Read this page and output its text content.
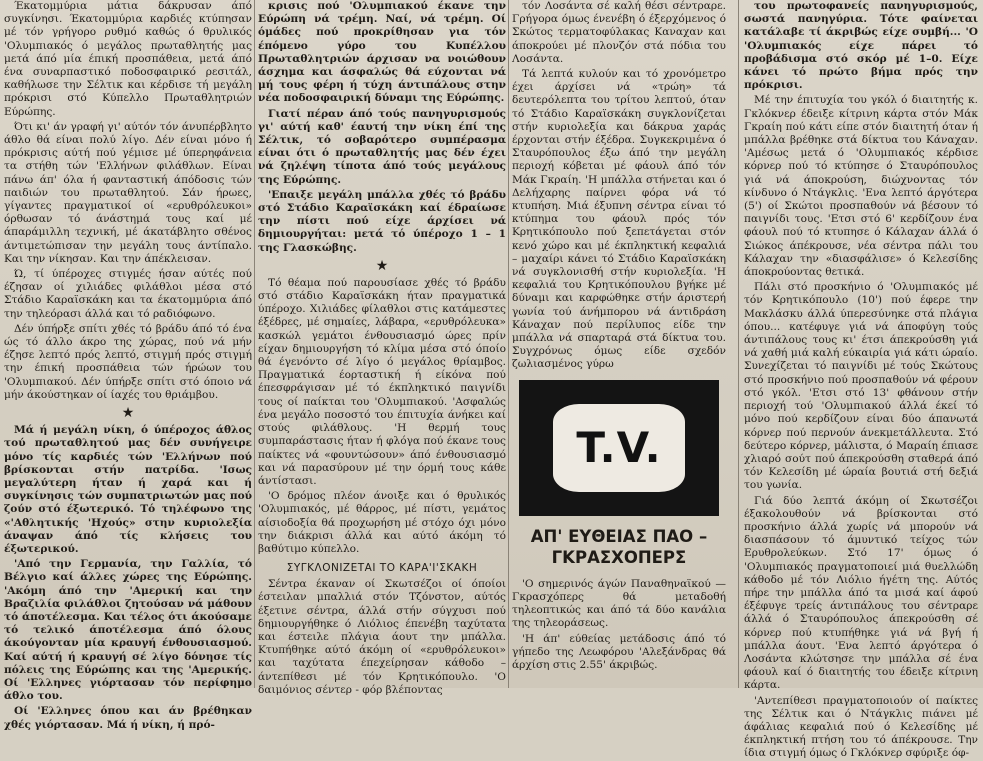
Έκατομμύρια μάτια δάκρυσαν άπό συγκίνησι. Έκατομμύρια καρδιές κτύπησαν μέ τόν γρήγορο ρυθμό καθώς ό θρυλικός 'Ολυμπιακός ό μεγάλος πρωταθλητής μας μετά άπό μία έπική προσπάθεια, μετά άπό ένα συναρπαστικό ποδοσφαιρικό ρεσιτάλ, καθήλωσε την Σέλτικ και κέρδισε τή μεγάλη πρόκρισι στό Κύπελλο Πρωταθλητριών Εύρώπης.

Ότι κι' άν γραφή γι' αύτόν τόν άνυπέρβλητο άθλο θά είναι πολύ λίγο. Δέν είναι μόνο ή πρόκρισις αύτή πού γέμισε μέ ύπερηφάνεια τα στήθη τών 'Ελλήνων φιλάθλων. Είναι πάνω άπ' όλα ή φανταστική άπόδοσις τών παιδιών του πρωταθλητού. Σάν ήρωες, γίγαντες πραγματικοί οί «ερυθρόλευκοι» όρθωσαν τό άνάστημά τους καί μέ άπαράμιλλη τεχνική, μέ άκατάβλητο σθένος άντιμετώπισαν την μεγάλη τους άντίπαλο. Και την νίκησαν. Και την άπέκλεισαν.

Ώ, τί ύπέροχες στιγμές ήσαν αύτές πού έζησαν οί χιλιάδες φιλάθλοι μέσα στό Στάδιο Καραϊσκάκη και τα έκατομμύρια άπό την τηλεόρασι άλλά και τό ραδιόφωνο.

Δέν ύπήρξε σπίτι χθές τό βράδυ άπό τό ένα ώς τό άλλο άκρο της χώρας, πού νά μήν έζησε λεπτό πρός λεπτό, στιγμή πρός στιγμή την έπική προσπάθεια τών ήρώων του 'Ολυμπιακού. Δέν ύπήρξε σπίτι στό όποιο νά μήν άκούστηκαν οί ίαχές του θριάμβου.

★

Μά ή μεγάλη νίκη, ό ύπέροχος άθλος τού πρωταθλητού μας δέν συνήγειρε μόνο τίς καρδιές τών 'Ελλήνων πού βρίσκονται στήν πατρίδα. 'Ισως μεγαλύτερη ήταν ή χαρά και ή συγκίνησις τών συμπατριωτών μας πού ζούν στό έξωτερικό. Τό τηλέφωνο της «'Αθλητικής 'Ηχούς» στην κυριολεξία άναψαν άπό τίς κλήσεις του έξωτερικού.

'Από την Γερμανία, την Γαλλία, τό Βέλγιο καί άλλες χώρες της Εύρώπης. 'Ακόμη άπό την 'Αμερική και την Βραζιλία φιλάθλοι ζητούσαν νά μάθουν τό άποτέλεσμα. Και τέλος ότι άκούσαμε τό τελικό άποτέλεσμα άπό όλους άκούγονταν μία κραυγή ένθουσιασμού. Καί αύτή ή κραυγή σέ λίγο δόνησε τίς πόλεις της Εύρώπης και της 'Αμερικής. Οί 'Ελληνες γιόρτασαν τόν περίφημο άθλο του.

Οί 'Ελληνες όπου και άν βρέθηκαν χθές γιόρτασαν. Μά ή νίκη, ή πρό-

κρισις πού 'Ολυμπιακού έκανε την Εύρώπη νά τρέμη. Ναί, νά τρέμη. Οί όμάδες πού προκρίθησαν για τόν έπόμενο γύρο του Κυπέλλου Πρωταθλητριών άρχισαν να νοιώθουν άσχημα και άσφαλώς θά εύχονται νά μή τους φέρη ή τύχη άντιπάλους στην νέα ποδοσφαιρική δύναμι της Εύρώπης.

Γιατί πέραν άπό τούς πανηγυρισμούς γι' αύτή καθ' έαυτή την νίκη έπί της Σέλτικ, τό σοβαρότερο συμπέρασμα είναι ότι ό πρωταθλητής μας δέν έχει νά ζηλέψη τίποτα άπό τούς μεγάλους της Εύρώπης.

'Επαιξε μεγάλη μπάλλα χθές τό βράδυ στό Στάδιο Καραϊσκάκη καί έδραίωσε την πίστι πού είχε άρχίσει νά δημιουργήται: μετά τό ύπέροχο 1 – 1 της Γλασκώβης.

★

Τό θέαμα πού παρουσίασε χθές τό βράδυ στό στάδιο Καραϊσκάκη ήταν πραγματικά ύπέροχο. Χιλιάδες φίλαθλοι στις κατάμεστες έξέδρες, μέ σημαίες, λάβαρα, «ερυθρόλευκα» κασκώλ γεμάτοι ένθουσιασμό ώρες πρίν είχαν δημιουργήση τό κλίμα μέσα στό όποίο θά έγενόντο σέ λίγο ό μεγάλος θρίαμβος. Πραγματικά έορταστική ή είκόνα πού έπεσφράγισαν μέ τό έκπληκτικό παιγνίδι τους οί παίκται του 'Ολυμπιακού. 'Ασφαλώς ένα μεγάλο ποσοστό του έπιτυχία άνήκει καί στούς φιλάθλους. 'Η θερμή τους συμπαράστασις ήταν ή φλόγα πού έκανε τους παίκτες νά «φουντώσουν» άπό ένθουσιασμό και νά παρασύρουν μέ την όρμή τους κάθε άντίστασι.

'Ο δρόμος πλέον άνοιξε και ό θρυλικός 'Ολυμπιακός, μέ θάρρος, μέ πίστι, γεμάτος αίσιοδοξία θά προχωρήση μέ στόχο όχι μόνο την διάκρισι άλλά και αύτό άκόμη τό βαθύτιμο κύπελλο.

ΣΥΓΚΛΟΝΙΖΕΤΑΙ ΤΟ ΚΑΡΑ'Ι'ΣΚΑΚΗ

Σέντρα έκαναν οί Σκωτσέζοι οί όποίοι έστειλαν μπαλλιά στόν Τζόνστον, αύτός έξετινε σέντρα, άλλά στήν σύγχυσι πού δημιουργήθηκε ό Λιόλιος έπενέβη ταχύτατα και έστειλε πλάγια άουτ την μπάλλα. Κτυπήθηκε αύτό άκόμη οί «ερυθρόλευκοι» και ταχύτατα έπεχείρησαν κάθοδο – άντεπίθεσι μέ τόν Κρητικόπουλο. 'Ο δαιμόνιος σέντερ - φόρ βλέποντας

τόν Λοσάντα σέ καλή θέσι σέντραρε. Γρήγορα όμως ένενέβη ό έξερχόμενος ό Σκώτος τερματοφύλακας Καναχαν και άποκρούει μέ πλονζόν στά πόδια του Λοσάντα.

Τά λεπτά κυλούν και τό χρονόμετρο έχει άρχίσει νά «τρώη» τά δευτερόλεπτα του τρίτου λεπτού, όταν τό Στάδιο Καραϊσκάκη συγκλονίζεται στήν κυριολεξία και δάκρυα χαράς έρχονται στήν έξέδρα. Συγκεκριμένα ό Σταυρόπουλος έξω άπό την μεγάλη περιοχή κόβεται μέ φάουλ άπό τόν Μάκ Γκραίη. 'Η μπάλλα στήνεται και ό Δελήχαρης παίρνει φόρα νά τό κτυπήση. Μιά έξυπνη σέντρα είναι τό κτύπημα του φάουλ πρός τόν Κρητικόπουλο πού ξεπετάγεται στόν κενό χώρο και μέ έκπληκτική κεφαλιά – μαχαίρι κάνει τό Στάδιο Καραϊσκάκη νά συγκλονισθή στήν κυριολεξία. 'Η κεφαλιά του Κρητικόπουλου βγήκε μέ δύναμι και καρφώθηκε στήν άριστερή γωνία τού άνήμπορου νά άντιδράση Κάναχαν πού περίλυπος είδε την μπάλλα νά σπαρταρά στά δίκτυα του. Συγχρόνως όμως είδε σχεδόν ζωλιασμένος γύρω

T.V.
ΑΠ' ΕΥΘΕΙΑΣ ΠΑΟ – ΓΚΡΑΣΧΟΠΕΡΣ

'Ο σημερινός άγών Παναθηναϊκού — Γκρασχόπερς θά μεταδοθή τηλεοπτικώς και άπό τά δύο κανάλια της τηλεοράσεως.

'Η άπ' εύθείας μετάδοσις άπό τό γήπεδο της Λεωφόρου 'Αλεξάνδρας θά άρχίση στις 2.55' άκριβώς.

του πρωτοφανείς πανηγυρισμούς, σωστά πανηγύρια. Τότε φαίνεται κατάλαβε τί άκριβώς είχε συμβή... 'Ο 'Ολυμπιακός είχε πάρει τό προβάδισμα στό σκόρ μέ 1–0. Είχε κάνει τό πρώτο βήμα πρός την πρόκρισι.

Μέ την έπιτυχία του γκόλ ό διαιτητής κ. Γκλόκνερ έδειξε κίτρινη κάρτα στόν Μάκ Γκραίη πού κάτι είπε στόν διαιτητή όταν ή μπάλλα βρέθηκε στά δίκτυα του Κάναχαν. 'Αμέσως μετά ό 'Ολυμπιακός κέρδισε κόρνερ πού τό κτύπησε ό Σταυρόπουλος γιά νά άποκρούση, διώχνοντας τόν κίνδυνο ό Ντάγκλις. 'Ενα λεπτό άργότερα (5') οί Σκώτοι προσπαθούν νά βέσουν τό παιγνίδι τους. 'Ετσι στό 6' κερδίζουν ένα φάουλ πού τό κτυπησε ό Κάλαχαν άλλά ό Σιώκος άπέκρουσε, νέα σέντρα πάλι του Κάλαχαν την «διασφάλισε» ό Κελεσίδης άποκρούοντας θετικά.

Πάλι στό προσκήνιο ό 'Ολυμπιακός μέ τόν Κρητικόπουλο (10') πού έφερε την Μακλάσκυ άλλά ύπερεσύνηκε στά πλάγια όπου... κατέφυγε γιά νά άποφύγη τούς άντιπάλους τους κι' έτσι άπεκρούσθη γιά νά χαθή μιά καλή εύκαιρία γιά κάτι ώραίο. Συνεχίζεται τό παιγνίδι μέ τούς Σκώτους στό προσκήνιο πού προσπαθούν νά φέρουν στό γκόλ. 'Ετσι στό 13' φθάνουν στήν περιοχή τού 'Ολυμπιακού άλλά έκεί τό μόνο πού κερδίζουν είναι δύο άπανωτά κόρνερ πού περνούν άνεκμετάλλευτα. Στό δεύτερο κόρνερ, μάλιστα, ό Μαραίη έπιασε χλιαρό σούτ πού άπεκρούσθη σταθερά άπό τόν Κελεσίδη μέ ώραία βουτιά στή δεξιά του γωνία.

Γιά δύο λεπτά άκόμη οί Σκωτσέζοι έξακολουθούν νά βρίσκονται στό προσκήνιο άλλά χωρίς νά μπορούν νά διασπάσουν τό άμυντικό τείχος τών Ερυθρολεύκων. Στό 17' όμως ό 'Ολυμπιακός πραγματοποιεί μιά θυελλώδη κάθοδο μέ τόν Λιόλιο ήγέτη της. Αύτός πήρε την μπάλλα άπό τα μισά καί άφού έξέφυγε τρείς άντιπάλους του σέντραρε άλλά ό Σταυρόπουλος άπεκρούσθη σέ κόρνερ πού κτυπήθηκε γιά νά βγή ή μπάλλα άουτ. 'Ενα λεπτό άργότερα ό Λοσάντα κλώτσησε την μπάλλα σέ ένα φάουλ καί ό διαιτητής του έδειξε κίτρινη κάρτα.

'Αντεπίθεσι πραγματοποιούν οί παίκτες της Σέλτικ και ό Ντάγκλις πιάνει μέ άφάλιας κεφαλιά πού ό Κελεσίδης μέ έκπληκτική πτήση του τό άπέκρουσε. Την ίδια στιγμή όμως ό Γκλόκνερ σφύριξε όφ-
